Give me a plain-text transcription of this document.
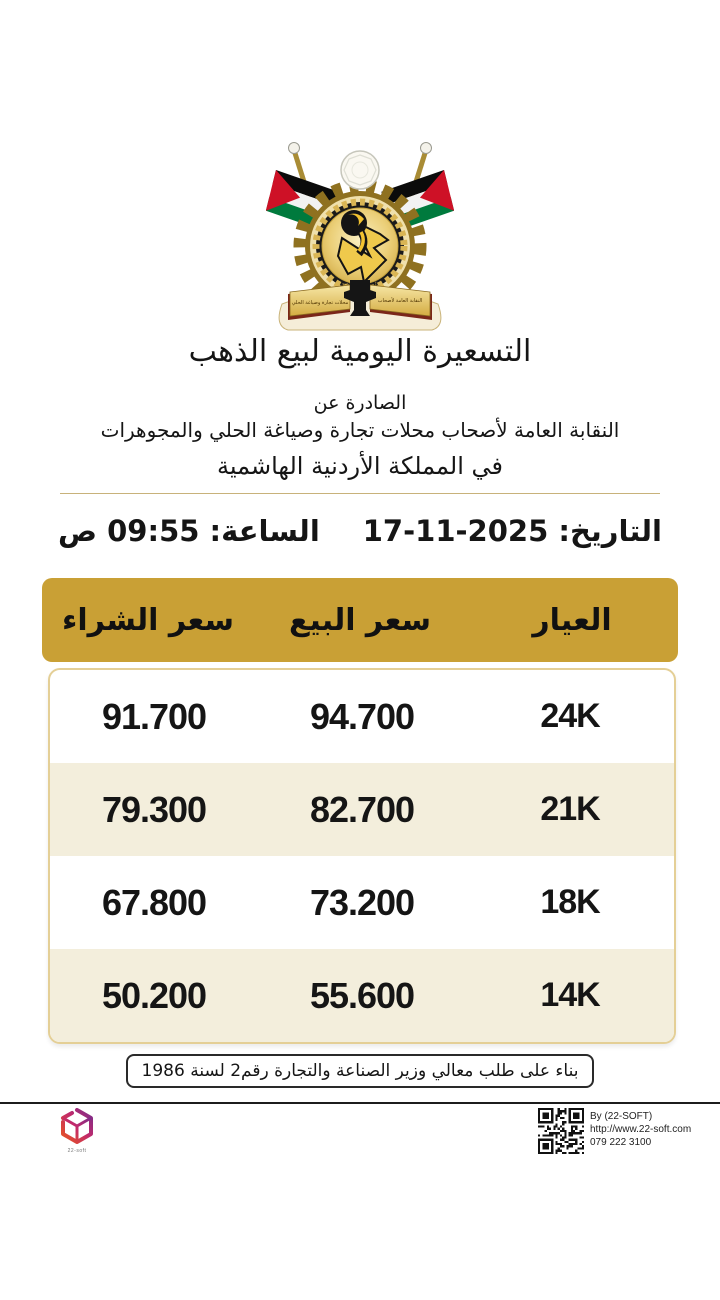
النقابة العامة لأصحاب
محلات تجارة وصياغة الحلي
التسعيرة اليومية لبيع الذهب
الصادرة عن
النقابة العامة لأصحاب محلات تجارة وصياغة الحلي والمجوهرات
في المملكة الأردنية الهاشمية
التاريخ: 17-11-2025
الساعة: 09:55 ص
العيار
سعر البيع
سعر الشراء
24K
94.700
91.700
21K
82.700
79.300
18K
73.200
67.800
14K
55.600
50.200
بناء على طلب معالي وزير الصناعة والتجارة رقم2 لسنة 1986
By (22-SOFT)
http://www.22-soft.com
079 222 3100
22-soft
